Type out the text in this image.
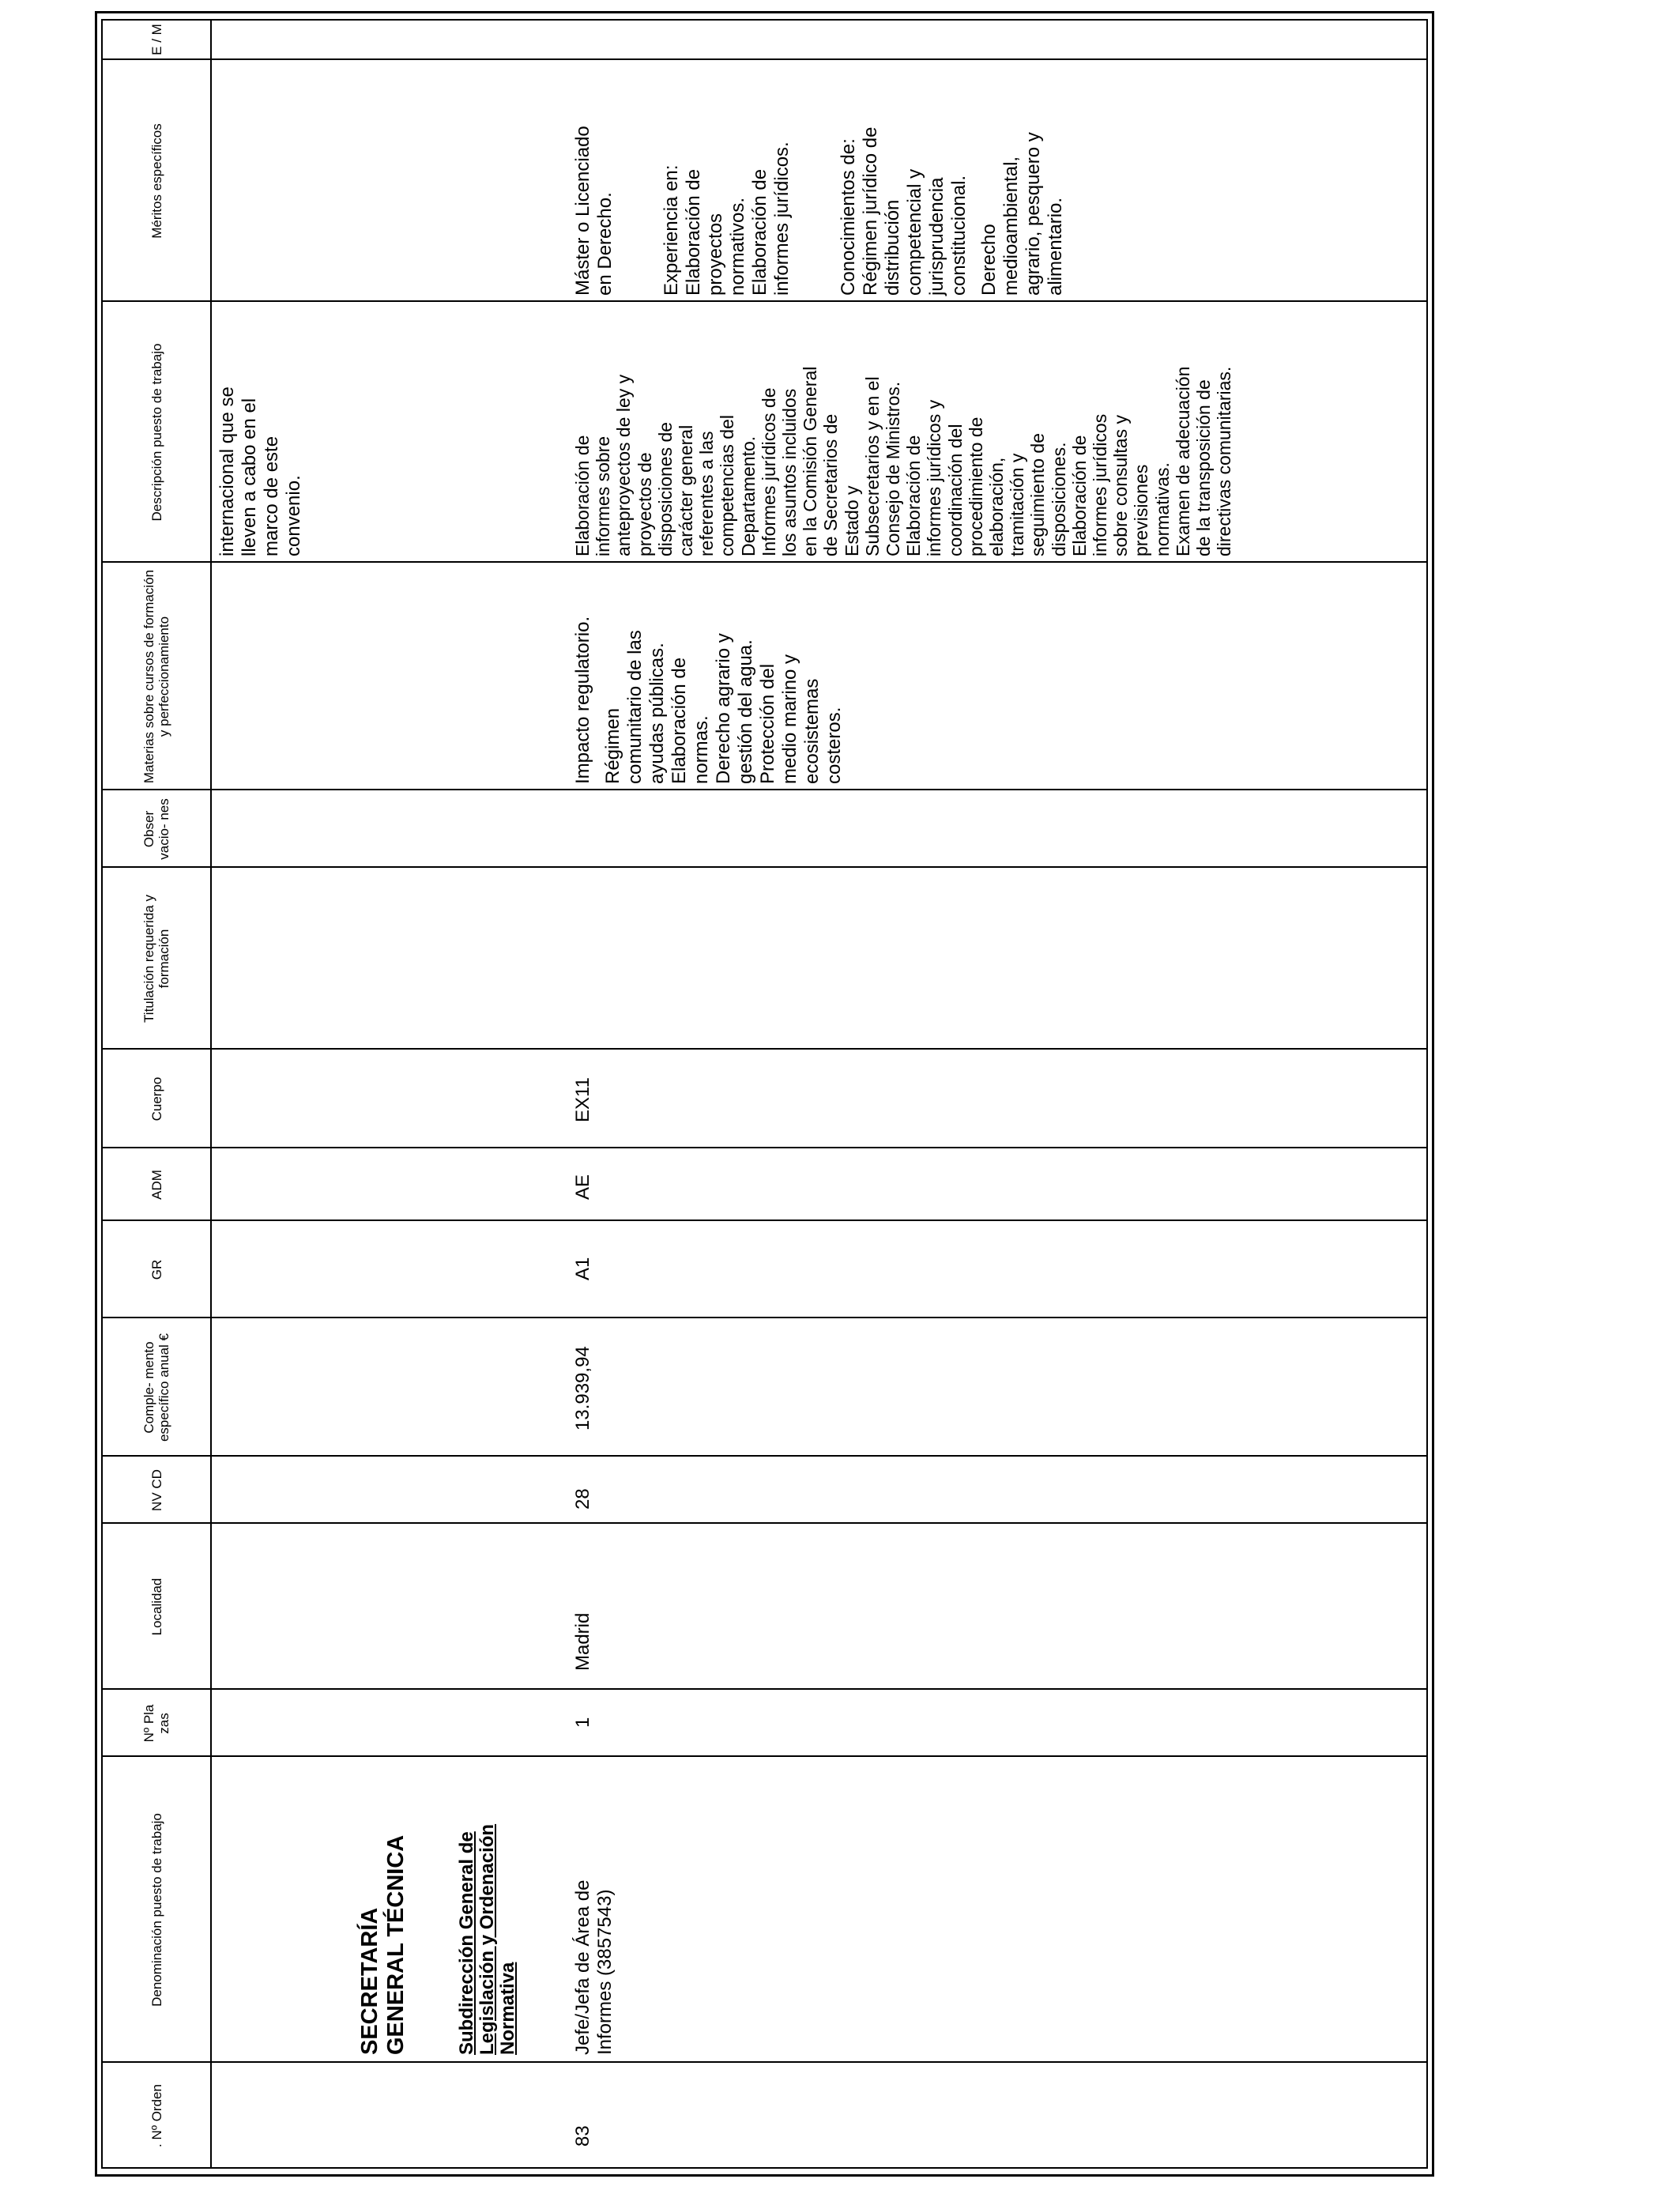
. Nº Orden
Denominación puesto de trabajo
Nº Pla zas
Localidad
NV CD
Comple- mento específico anual €
GR
ADM
Cuerpo
Titulación requerida y formación
Obser vacio- nes
Materias sobre cursos de formación y perfeccionamiento
Descripción puesto de trabajo
Méritos específicos
E / M
internacional que se lleven a cabo en el marco de este convenio.
SECRETARÍA GENERAL TÉCNICA	Subdirección General de Legislación y Ordenación Normativa
83
Jefe/Jefa de Área de Informes (3857543)
1
Madrid
28
13.939,94
A1
AE
EX11
Impacto regulatorio. Régimen comunitario de las ayudas públicas. Elaboración de normas. Derecho agrario y gestión del agua. Protección del medio marino y ecosistemas costeros.
Elaboración de informes sobre anteproyectos de ley y proyectos de disposiciones de carácter general referentes a las competencias del Departamento. Informes jurídicos de los asuntos incluidos en la Comisión General de Secretarios de Estado y Subsecretarios y en el Consejo de Ministros. Elaboración de informes jurídicos y coordinación del procedimiento de elaboración, tramitación y seguimiento de disposiciones. Elaboración de informes jurídicos sobre consultas y previsiones normativas. Examen de adecuación de la transposición de directivas comunitarias.
Máster o Licenciado en Derecho. Experiencia en: Elaboración de proyectos normativos. Elaboración de informes jurídicos. Conocimientos de: Régimen jurídico de distribución competencial y jurisprudencia constitucional. Derecho medioambiental, agrario, pesquero y alimentario.
